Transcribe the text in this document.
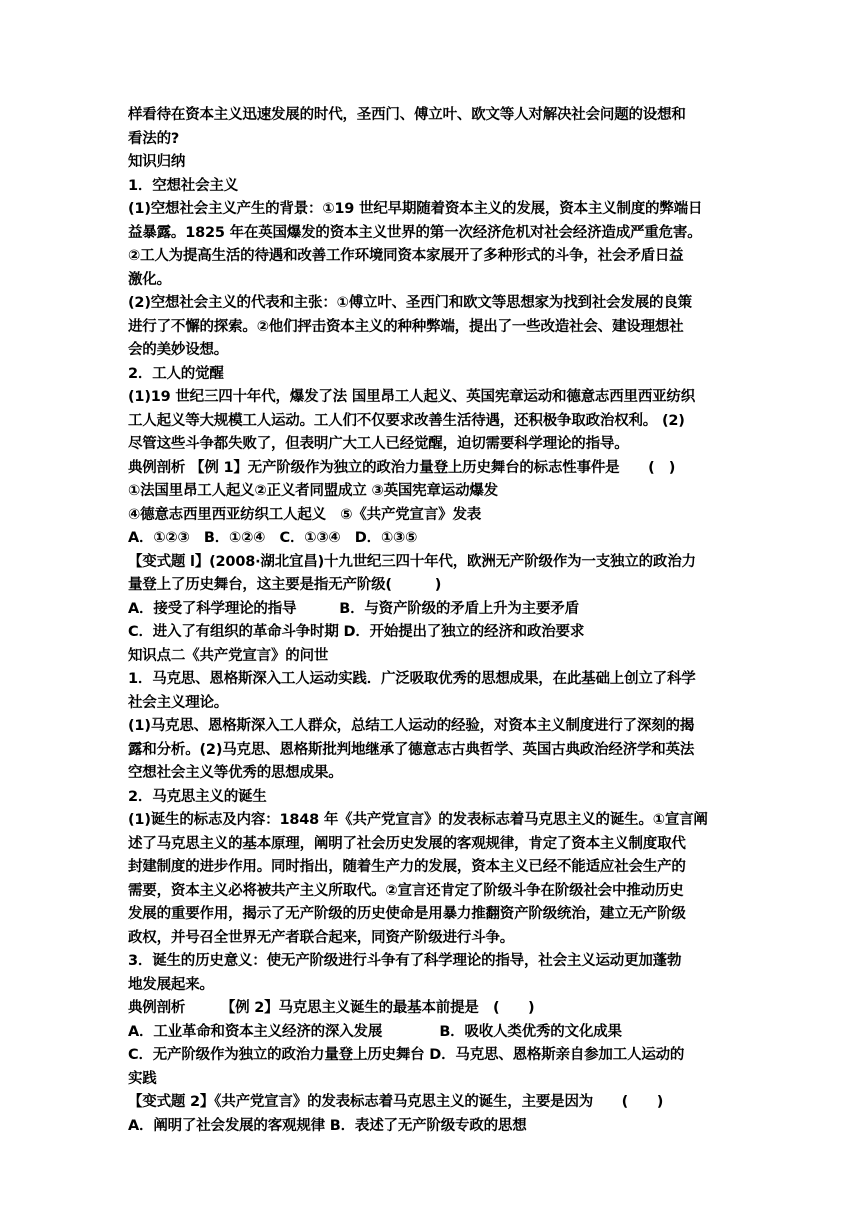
样看待在资本主义迅速发展的时代，圣西门、傅立叶、欧文等人对解决社会问题的设想和
看法的?
知识归纳
1．空想社会主义
(1)空想社会主义产生的背景：①19 世纪早期随着资本主义的发展，资本主义制度的弊端日
益暴露。1825 年在英国爆发的资本主义世界的第一次经济危机对社会经济造成严重危害。
②工人为提高生活的待遇和改善工作环境同资本家展开了多种形式的斗争，社会矛盾日益
激化。
(2)空想社会主义的代表和主张：①傅立叶、圣西门和欧文等思想家为找到社会发展的良策
进行了不懈的探索。②他们抨击资本主义的种种弊端，提出了一些改造社会、建设理想社
会的美妙设想。
2．工人的觉醒
(1)19 世纪三四十年代，爆发了法 国里昂工人起义、英国宪章运动和德意志西里西亚纺织
工人起义等大规模工人运动。工人们不仅要求改善生活待遇，还积极争取政治权利。 (2)
尽管这些斗争都失败了，但表明广大工人已经觉醒，迫切需要科学理论的指导。
典例剖析 【例 1】无产阶级作为独立的政治力量登上历史舞台的标志性事件是　　(　)
①法国里昂工人起义②正义者同盟成立 ③英国宪章运动爆发
④德意志西里西亚纺织工人起义　⑤《共产党宣言》发表
A．①②③　B．①②④　C．①③④　D．①③⑤
【变式题 l】(2008·湖北宜昌)十九世纪三四十年代，欧洲无产阶级作为一支独立的政治力
量登上了历史舞台，这主要是指无产阶级(　　　)
A．接受了科学理论的指导　　　B．与资产阶级的矛盾上升为主要矛盾
C．进入了有组织的革命斗争时期 D．开始提出了独立的经济和政治要求
知识点二《共产党宣言》的问世
1．马克思、恩格斯深入工人运动实践．广泛吸取优秀的思想成果，在此基础上创立了科学
社会主义理论。
(1)马克思、恩格斯深入工人群众，总结工人运动的经验，对资本主义制度进行了深刻的揭
露和分析。(2)马克思、恩格斯批判地继承了德意志古典哲学、英国古典政治经济学和英法
空想社会主义等优秀的思想成果。
2．马克思主义的诞生
(1)诞生的标志及内容：1848 年《共产党宣言》的发表标志着马克思主义的诞生。①宣言阐
述了马克思主义的基本原理，阐明了社会历史发展的客观规律，肯定了资本主义制度取代
封建制度的进步作用。同时指出，随着生产力的发展，资本主义已经不能适应社会生产的
需要，资本主义必将被共产主义所取代。②宣言还肯定了阶级斗争在阶级社会中推动历史
发展的重要作用，揭示了无产阶级的历史使命是用暴力推翻资产阶级统治，建立无产阶级
政权，并号召全世界无产者联合起来，同资产阶级进行斗争。
3．诞生的历史意义：使无产阶级进行斗争有了科学理论的指导，社会主义运动更加蓬勃
地发展起来。
典例剖析　　　【例 2】马克思主义诞生的最基本前提是　(　　)
A．工业革命和资本主义经济的深入发展　　　　B．吸收人类优秀的文化成果
C．无产阶级作为独立的政治力量登上历史舞台 D．马克思、恩格斯亲自参加工人运动的
实践
【变式题 2】《共产党宣言》的发表标志着马克思主义的诞生，主要是因为　　(　　)
A．阐明了社会发展的客观规律 B．表述了无产阶级专政的思想
